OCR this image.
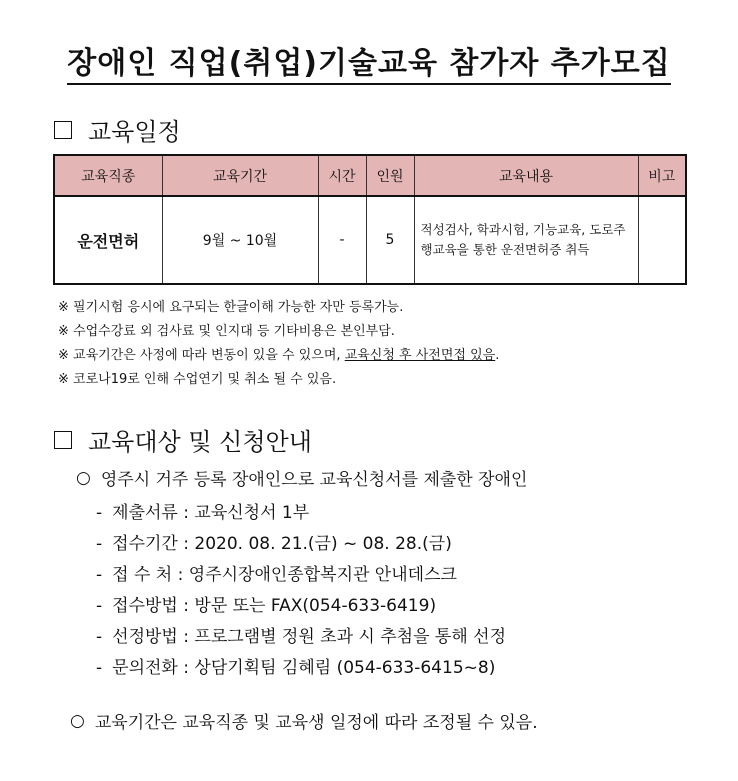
장애인 직업(취업)기술교육 참가자 추가모집
교육일정
교육직종	교육기간	시간	인원	교육내용	비고
운전면허	9월 ~ 10월	-	5	적성검사, 학과시험, 기능교육, 도로주행교육을 통한 운전면허증 취득	
※ 필기시험 응시에 요구되는 한글이해 가능한 자만 등록가능.
※ 수업수강료 외 검사료 및 인지대 등 기타비용은 본인부담.
※ 교육기간은 사정에 따라 변동이 있을 수 있으며, 교육신청 후 사전면접 있음.
※ 코로나19로 인해 수업연기 및 취소 될 수 있음.
교육대상 및 신청안내
○ 영주시 거주 등록 장애인으로 교육신청서를 제출한 장애인
- 제출서류 : 교육신청서 1부
- 접수기간 : 2020. 08. 21.(금) ~ 08. 28.(금)
- 접 수 처 : 영주시장애인종합복지관 안내데스크
- 접수방법 : 방문 또는 FAX(054-633-6419)
- 선정방법 : 프로그램별 정원 초과 시 추첨을 통해 선정
- 문의전화 : 상담기획팀 김혜림 (054-633-6415~8)
○ 교육기간은 교육직종 및 교육생 일정에 따라 조정될 수 있음.
